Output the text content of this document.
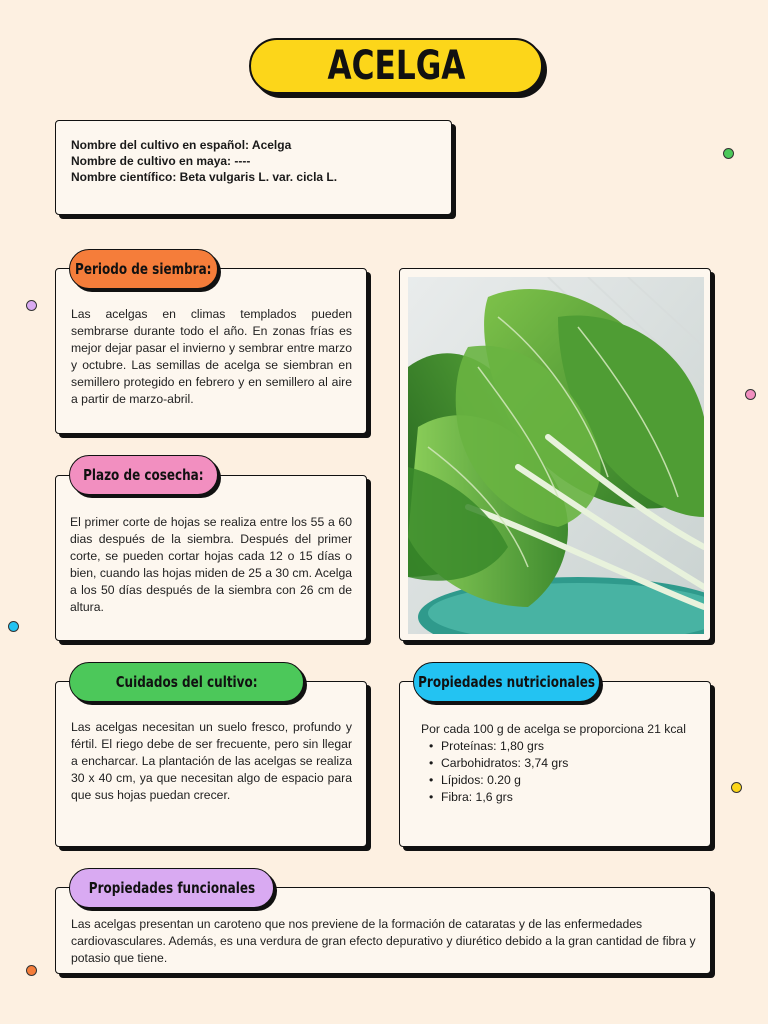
ACELGA
Nombre del cultivo en español: Acelga
Nombre de cultivo en maya: ----
Nombre científico: Beta vulgaris L. var. cicla L.

Las acelgas en climas templados pueden sembrarse durante todo el año. En zonas frías es mejor dejar pasar el invierno y sembrar entre marzo y octubre. Las semillas de acelga se siembran en semillero protegido en febrero y en semillero al aire a partir de marzo-abril.

Periodo de siembra:

El primer corte de hojas se realiza entre los 55 a 60 dias después de la siembra. Después del primer corte, se pueden cortar hojas cada 12 o 15 días o bien, cuando las hojas miden de 25 a 30 cm. Acelga a los 50 días después de la siembra con 26 cm de altura.

Plazo de cosecha:

Las acelgas necesitan un suelo fresco, profundo y fértil. El riego debe de ser frecuente, pero sin llegar a encharcar. La plantación de las acelgas se realiza 30 x 40 cm, ya que necesitan algo de espacio para que sus hojas puedan crecer.

Cuidados del cultivo:

Por cada 100 g de acelga se proporciona 21 kcal

• Proteínas: 1,80 grs
• Carbohidratos: 3,74 grs
• Lípidos: 0.20 g
• Fibra: 1,6 grs
Propiedades nutricionales

Las acelgas presentan un caroteno que nos previene de la formación de cataratas y de las enfermedades cardiovasculares. Además, es una verdura de gran efecto depurativo y diurético debido a la gran cantidad de fibra y potasio que tiene.

Propiedades funcionales
